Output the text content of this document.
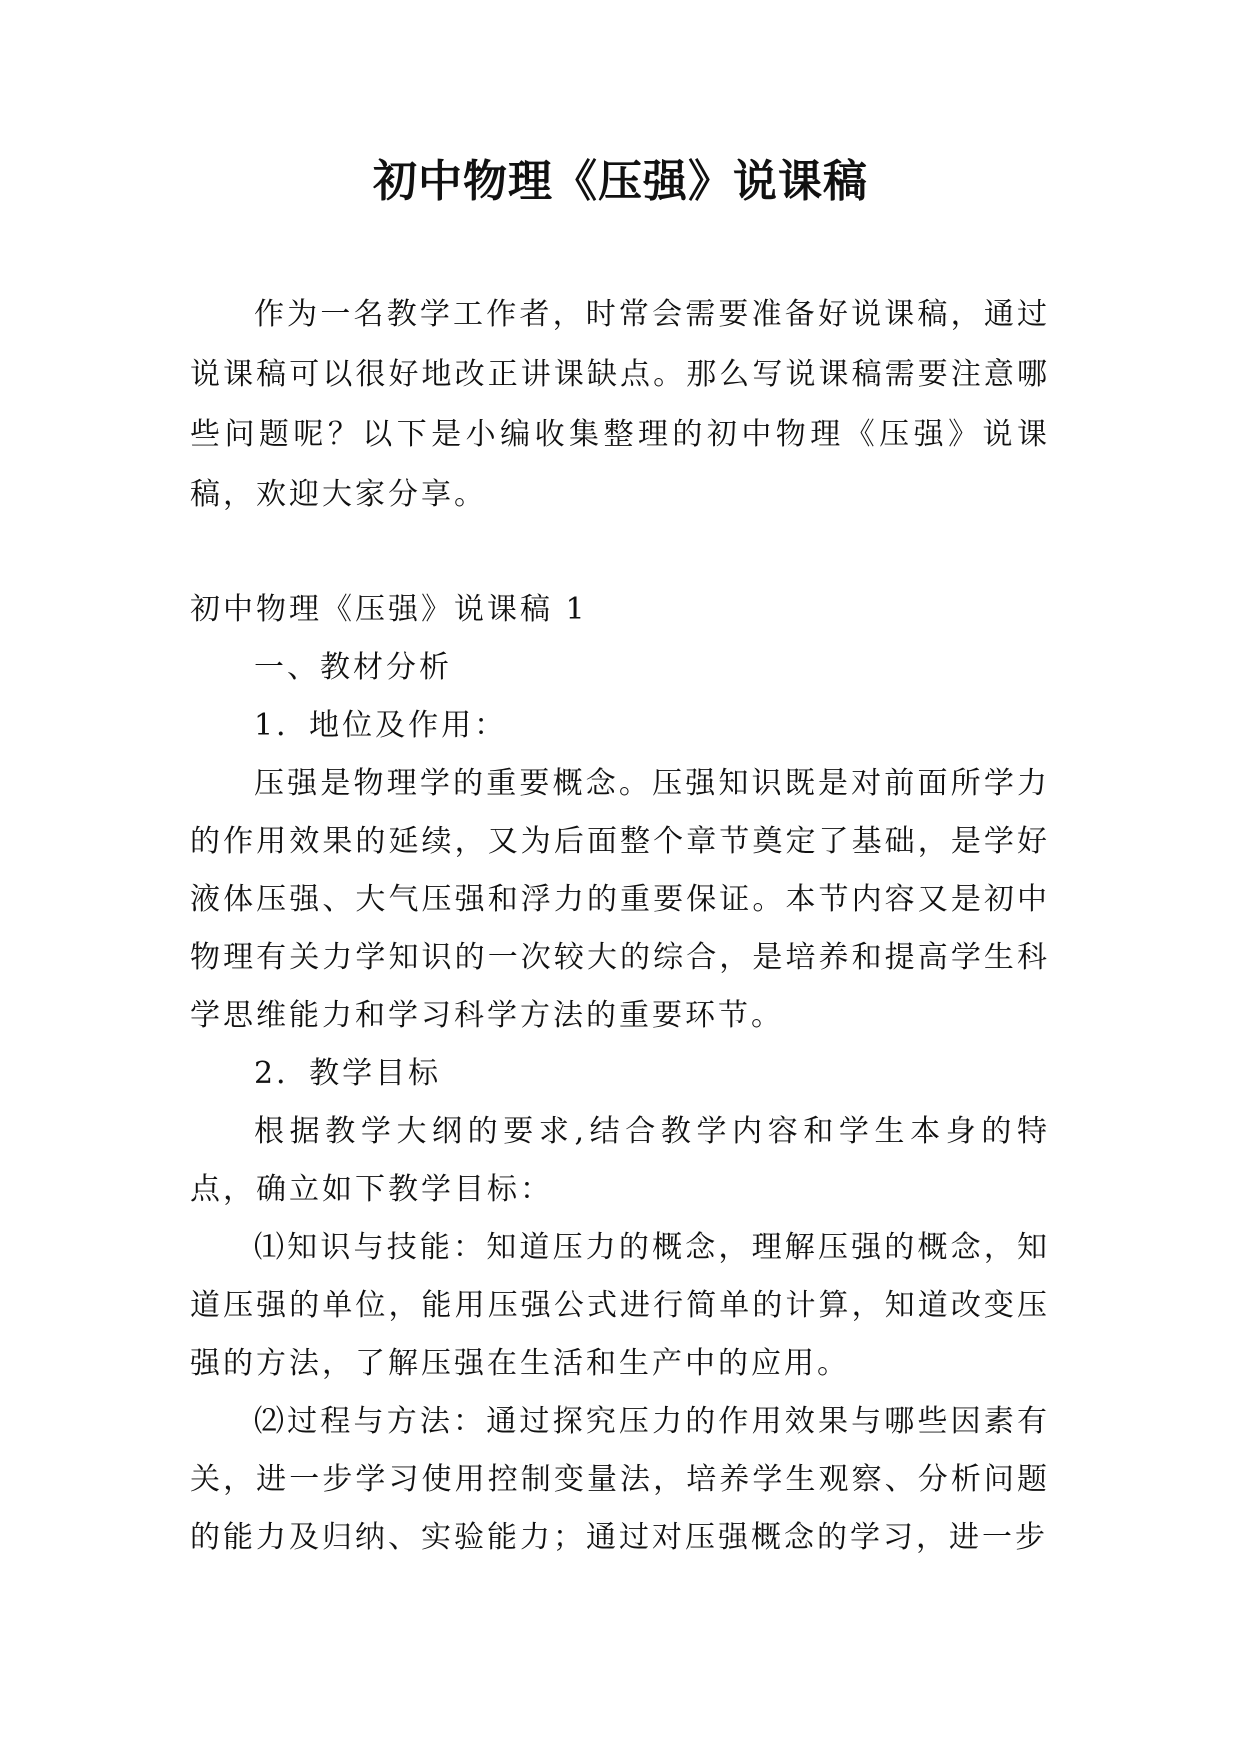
初中物理《压强》说课稿

作为一名教学工作者，时常会需要准备好说课稿，通过说课稿可以很好地改正讲课缺点。那么写说课稿需要注意哪些问题呢？以下是小编收集整理的初中物理《压强》说课稿，欢迎大家分享。

初中物理《压强》说课稿 1

一、教材分析

1．地位及作用：

压强是物理学的重要概念。压强知识既是对前面所学力的作用效果的延续，又为后面整个章节奠定了基础，是学好液体压强、大气压强和浮力的重要保证。本节内容又是初中物理有关力学知识的一次较大的综合，是培养和提高学生科学思维能力和学习科学方法的重要环节。

2．教学目标

根据教学大纲的要求,结合教学内容和学生本身的特点，确立如下教学目标：

⑴知识与技能：知道压力的概念，理解压强的概念，知道压强的单位，能用压强公式进行简单的计算，知道改变压强的方法，了解压强在生活和生产中的应用。

⑵过程与方法：通过探究压力的作用效果与哪些因素有关，进一步学习使用控制变量法，培养学生观察、分析问题的能力及归纳、实验能力；通过对压强概念的学习，进一步
